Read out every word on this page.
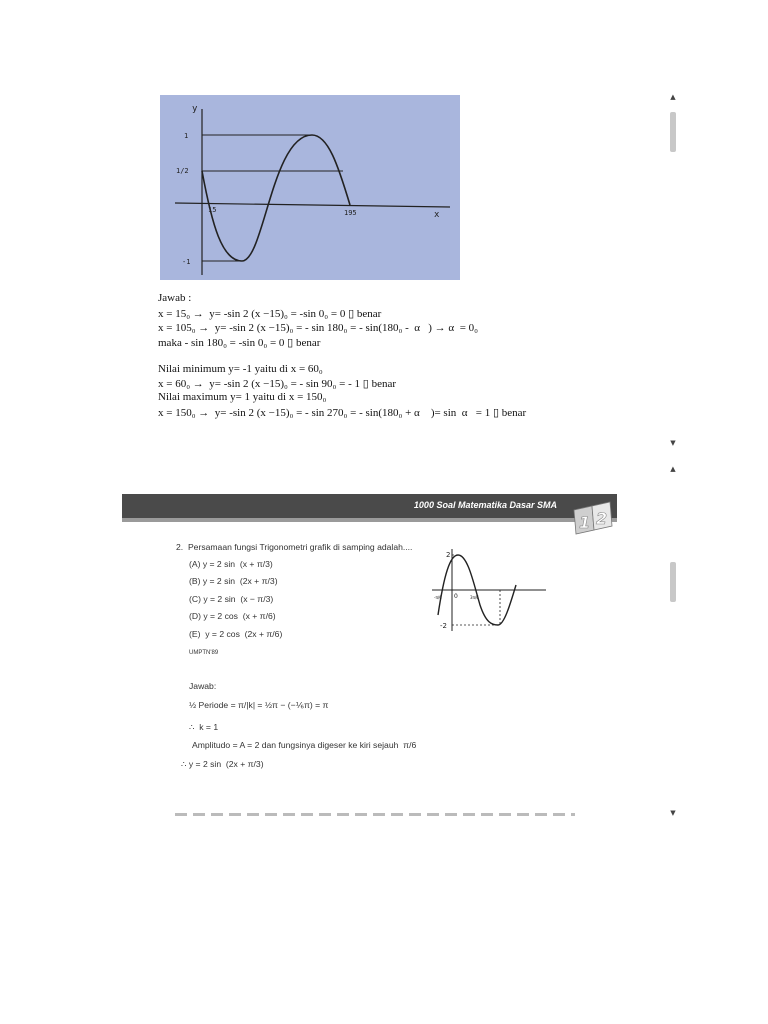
y
x
1
1/2
-1
15	195
Jawab :
x = 15₀ →  y= -sin 2 (x −15)₀ = -sin 0₀ = 0 ▯ benar
x = 105₀ →  y= -sin 2 (x −15)₀ = - sin 180₀ = - sin(180₀ -  α   ) → α  = 0₀
maka - sin 180₀ = -sin 0₀ = 0 ▯ benar
Nilai minimum y= -1 yaitu di x = 60₀
x = 60₀ →  y= -sin 2 (x −15)₀ = - sin 90₀ = - 1 ▯ benar
Nilai maximum y= 1 yaitu di x = 150₀
x = 150₀ →  y= -sin 2 (x −15)₀ = - sin 270₀ = - sin(180₀ + α    )= sin  α   = 1 ▯ benar
▲
▼
1000 Soal Matematika Dasar SMA
1 2
2.  Persamaan fungsi Trigonometri grafik di samping adalah....
(A) y = 2 sin  (x + π/3)
(B) y = 2 sin  (2x + π/3)
(C) y = 2 sin  (x − π/3)
(D) y = 2 cos  (x + π/6)
(E)  y = 2 cos  (2x + π/6)
UMPTN'89
2
-2
0
-π/6	3π/6
Jawab:
½ Periode = π/|k| = ½π − (−⅙π) = π
∴  k = 1
Amplitudo = A = 2 dan fungsinya digeser ke kiri sejauh  π/6
∴ y = 2 sin  (2x + π/3)
▲
▼
